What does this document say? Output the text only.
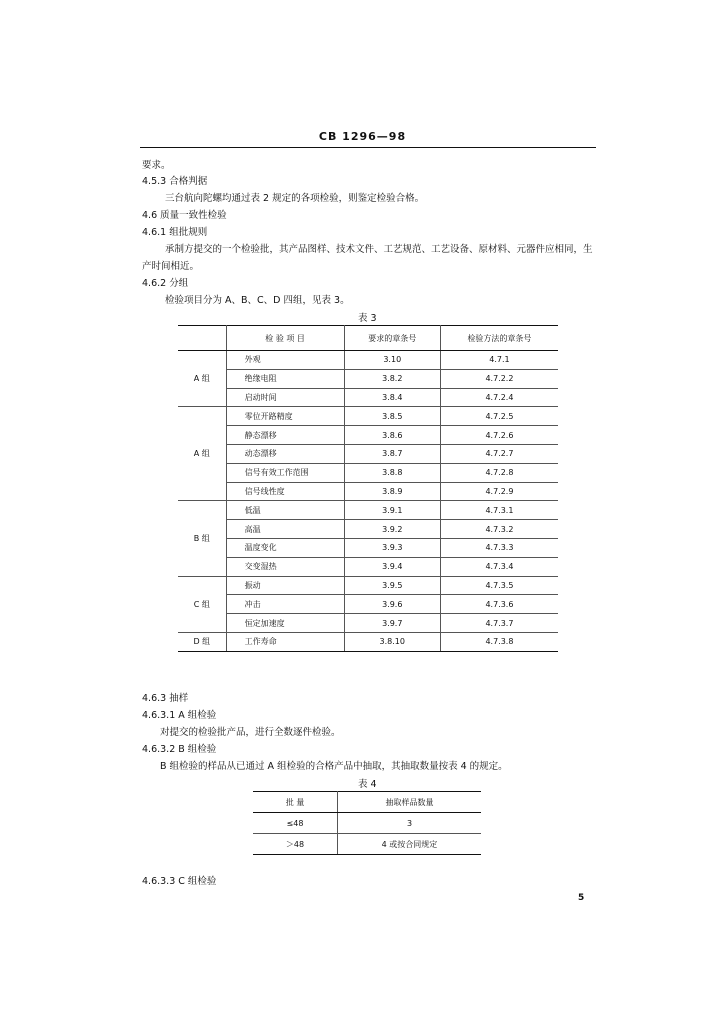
CB 1296—98
要求。
4.5.3 合格判据
三台航向陀螺均通过表 2 规定的各项检验，则鉴定检验合格。
4.6 质量一致性检验
4.6.1 组批规则
承制方提交的一个检验批，其产品图样、技术文件、工艺规范、工艺设备、原材料、元器件应相同，生
产时间相近。
4.6.2 分组
检验项目分为 A、B、C、D 四组，见表 3。
表 3
	检 验 项 目	要求的章条号	检验方法的章条号
A 组	外观	3.10	4.7.1
	绝缘电阻	3.8.2	4.7.2.2
	启动时间	3.8.4	4.7.2.4
A 组	零位开路精度	3.8.5	4.7.2.5
	静态漂移	3.8.6	4.7.2.6
	动态漂移	3.8.7	4.7.2.7
	信号有效工作范围	3.8.8	4.7.2.8
	信号线性度	3.8.9	4.7.2.9
B 组	低温	3.9.1	4.7.3.1
	高温	3.9.2	4.7.3.2
	温度变化	3.9.3	4.7.3.3
	交变湿热	3.9.4	4.7.3.4
C 组	振动	3.9.5	4.7.3.5
	冲击	3.9.6	4.7.3.6
	恒定加速度	3.9.7	4.7.3.7
D 组	工作寿命	3.8.10	4.7.3.8
4.6.3 抽样
4.6.3.1 A 组检验
对提交的检验批产品，进行全数逐件检验。
4.6.3.2 B 组检验
B 组检验的样品从已通过 A 组检验的合格产品中抽取，其抽取数量按表 4 的规定。
表 4
批 量	抽取样品数量
≤48	3
＞48	4 或按合同规定
4.6.3.3 C 组检验
5
